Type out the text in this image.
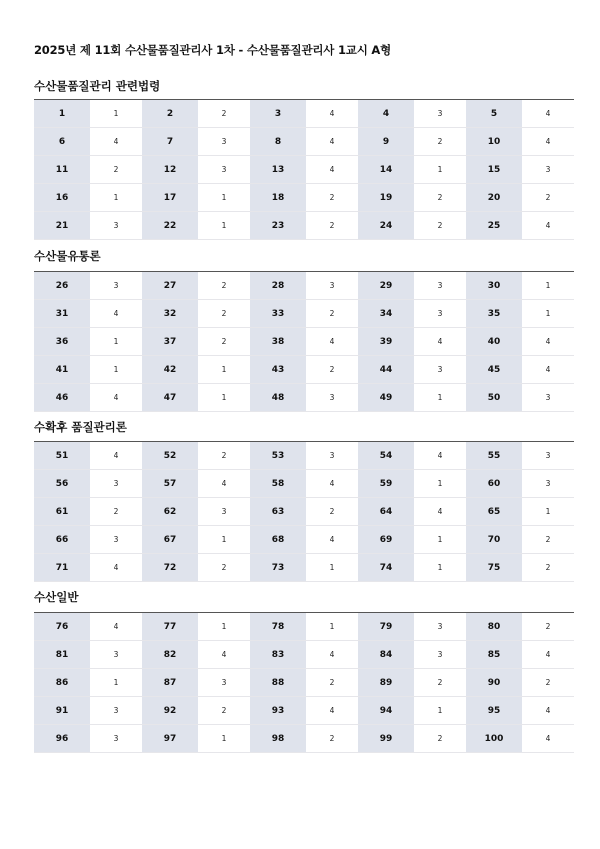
2025년 제 11회 수산물품질관리사 1차 - 수산물품질관리사 1교시 A형
수산물품질관리 관련법령
1	1	2	2	3	4	4	3	5	4
6	4	7	3	8	4	9	2	10	4
11	2	12	3	13	4	14	1	15	3
16	1	17	1	18	2	19	2	20	2
21	3	22	1	23	2	24	2	25	4
수산물유통론
26	3	27	2	28	3	29	3	30	1
31	4	32	2	33	2	34	3	35	1
36	1	37	2	38	4	39	4	40	4
41	1	42	1	43	2	44	3	45	4
46	4	47	1	48	3	49	1	50	3
수확후 품질관리론
51	4	52	2	53	3	54	4	55	3
56	3	57	4	58	4	59	1	60	3
61	2	62	3	63	2	64	4	65	1
66	3	67	1	68	4	69	1	70	2
71	4	72	2	73	1	74	1	75	2
수산일반
76	4	77	1	78	1	79	3	80	2
81	3	82	4	83	4	84	3	85	4
86	1	87	3	88	2	89	2	90	2
91	3	92	2	93	4	94	1	95	4
96	3	97	1	98	2	99	2	100	4
